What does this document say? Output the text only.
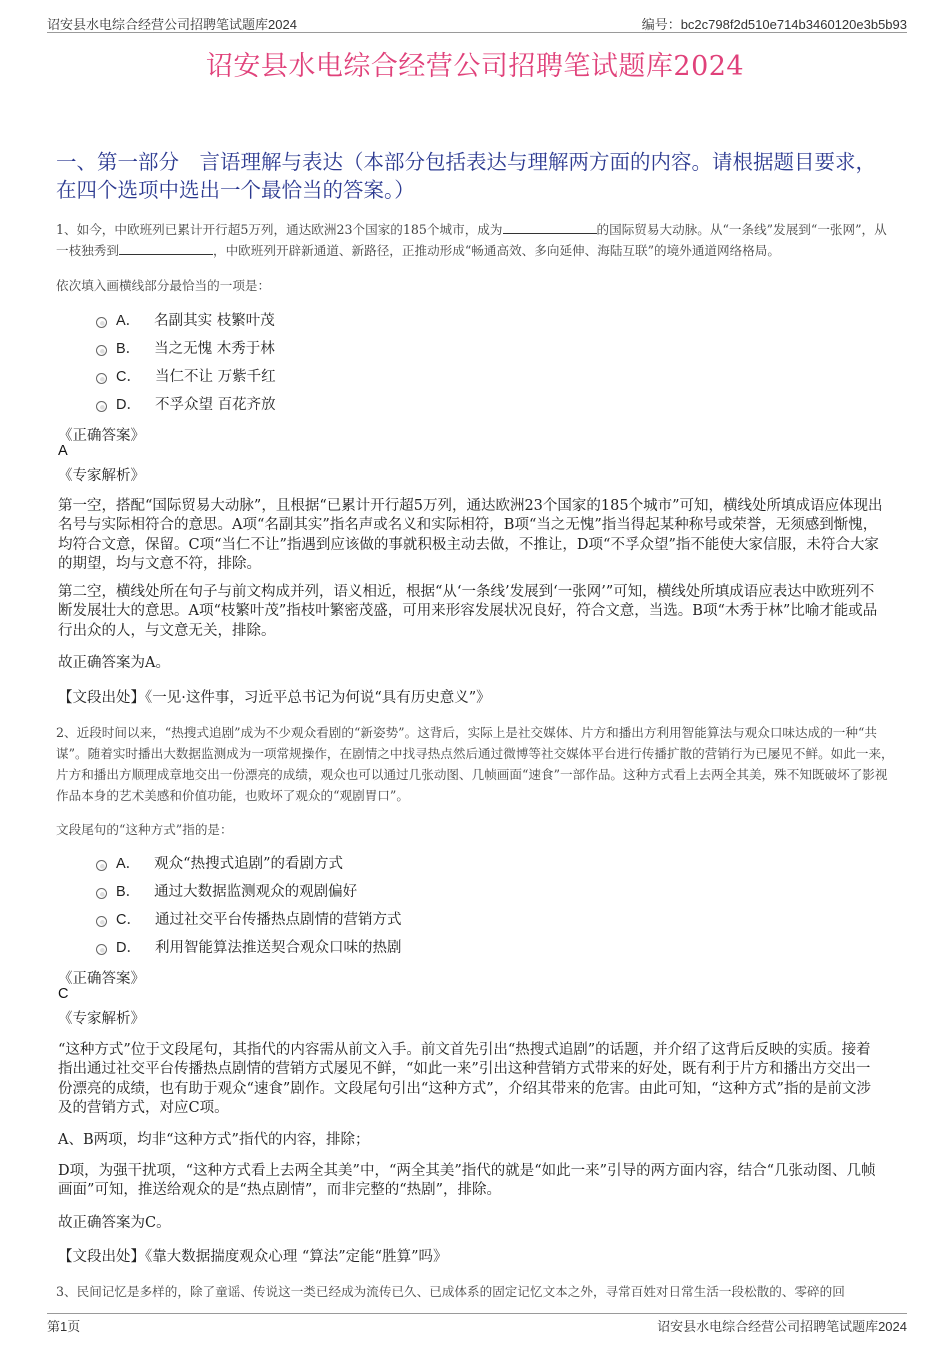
诏安县水电综合经营公司招聘笔试题库2024	编号：bc2c798f2d510e714b3460120e3b5b93
诏安县水电综合经营公司招聘笔试题库2024
一、第一部分　言语理解与表达（本部分包括表达与理解两方面的内容。请根据题目要求，在四个选项中选出一个最恰当的答案。）

1、如今，中欧班列已累计开行超5万列，通达欧洲23个国家的185个城市，成为	的国际贸易大动脉。从“一条线”发展到“一张网”，从一枝独秀到	，中欧班列开辟新通道、新路径，正推动形成“畅通高效、多向延伸、海陆互联”的境外通道网络格局。

依次填入画横线部分最恰当的一项是：

A． 名副其实 枝繁叶茂
B． 当之无愧 木秀于林
C． 当仁不让 万紫千红
D． 不孚众望 百花齐放
《正确答案》
A
《专家解析》

第一空，搭配“国际贸易大动脉”，且根据“已累计开行超5万列，通达欧洲23个国家的185个城市”可知，横线处所填成语应体现出名号与实际相符合的意思。A项“名副其实”指名声或名义和实际相符，B项“当之无愧”指当得起某种称号或荣誉，无须感到惭愧，均符合文意，保留。C项“当仁不让”指遇到应该做的事就积极主动去做，不推让，D项“不孚众望”指不能使大家信服，未符合大家的期望，均与文意不符，排除。

第二空，横线处所在句子与前文构成并列，语义相近，根据“从‘一条线’发展到‘一张网’”可知，横线处所填成语应表达中欧班列不断发展壮大的意思。A项“枝繁叶茂”指枝叶繁密茂盛，可用来形容发展状况良好，符合文意，当选。B项“木秀于林”比喻才能或品行出众的人，与文意无关，排除。

故正确答案为A。

【文段出处】《一见·这件事，习近平总书记为何说“具有历史意义”》

2、近段时间以来，“热搜式追剧”成为不少观众看剧的“新姿势”。这背后，实际上是社交媒体、片方和播出方利用智能算法与观众口味达成的一种“共谋”。随着实时播出大数据监测成为一项常规操作，在剧情之中找寻热点然后通过微博等社交媒体平台进行传播扩散的营销行为已屡见不鲜。如此一来，片方和播出方顺理成章地交出一份漂亮的成绩，观众也可以通过几张动图、几帧画面“速食”一部作品。这种方式看上去两全其美，殊不知既破坏了影视作品本身的艺术美感和价值功能，也败坏了观众的“观剧胃口”。

文段尾句的“这种方式”指的是：

A． 观众“热搜式追剧”的看剧方式
B． 通过大数据监测观众的观剧偏好
C． 通过社交平台传播热点剧情的营销方式
D． 利用智能算法推送契合观众口味的热剧
《正确答案》
C
《专家解析》

“这种方式”位于文段尾句，其指代的内容需从前文入手。前文首先引出“热搜式追剧”的话题，并介绍了这背后反映的实质。接着指出通过社交平台传播热点剧情的营销方式屡见不鲜，“如此一来”引出这种营销方式带来的好处，既有利于片方和播出方交出一份漂亮的成绩，也有助于观众“速食”剧作。文段尾句引出“这种方式”，介绍其带来的危害。由此可知，“这种方式”指的是前文涉及的营销方式，对应C项。

A、B两项，均非“这种方式”指代的内容，排除；

D项，为强干扰项，“这种方式看上去两全其美”中，“两全其美”指代的就是“如此一来”引导的两方面内容，结合“几张动图、几帧画面”可知，推送给观众的是“热点剧情”，而非完整的“热剧”，排除。

故正确答案为C。

【文段出处】《靠大数据揣度观众心理 “算法”定能“胜算”吗》

3、民间记忆是多样的，除了童谣、传说这一类已经成为流传已久、已成体系的固定记忆文本之外，寻常百姓对日常生活一段松散的、零碎的回

第1页	诏安县水电综合经营公司招聘笔试题库2024
